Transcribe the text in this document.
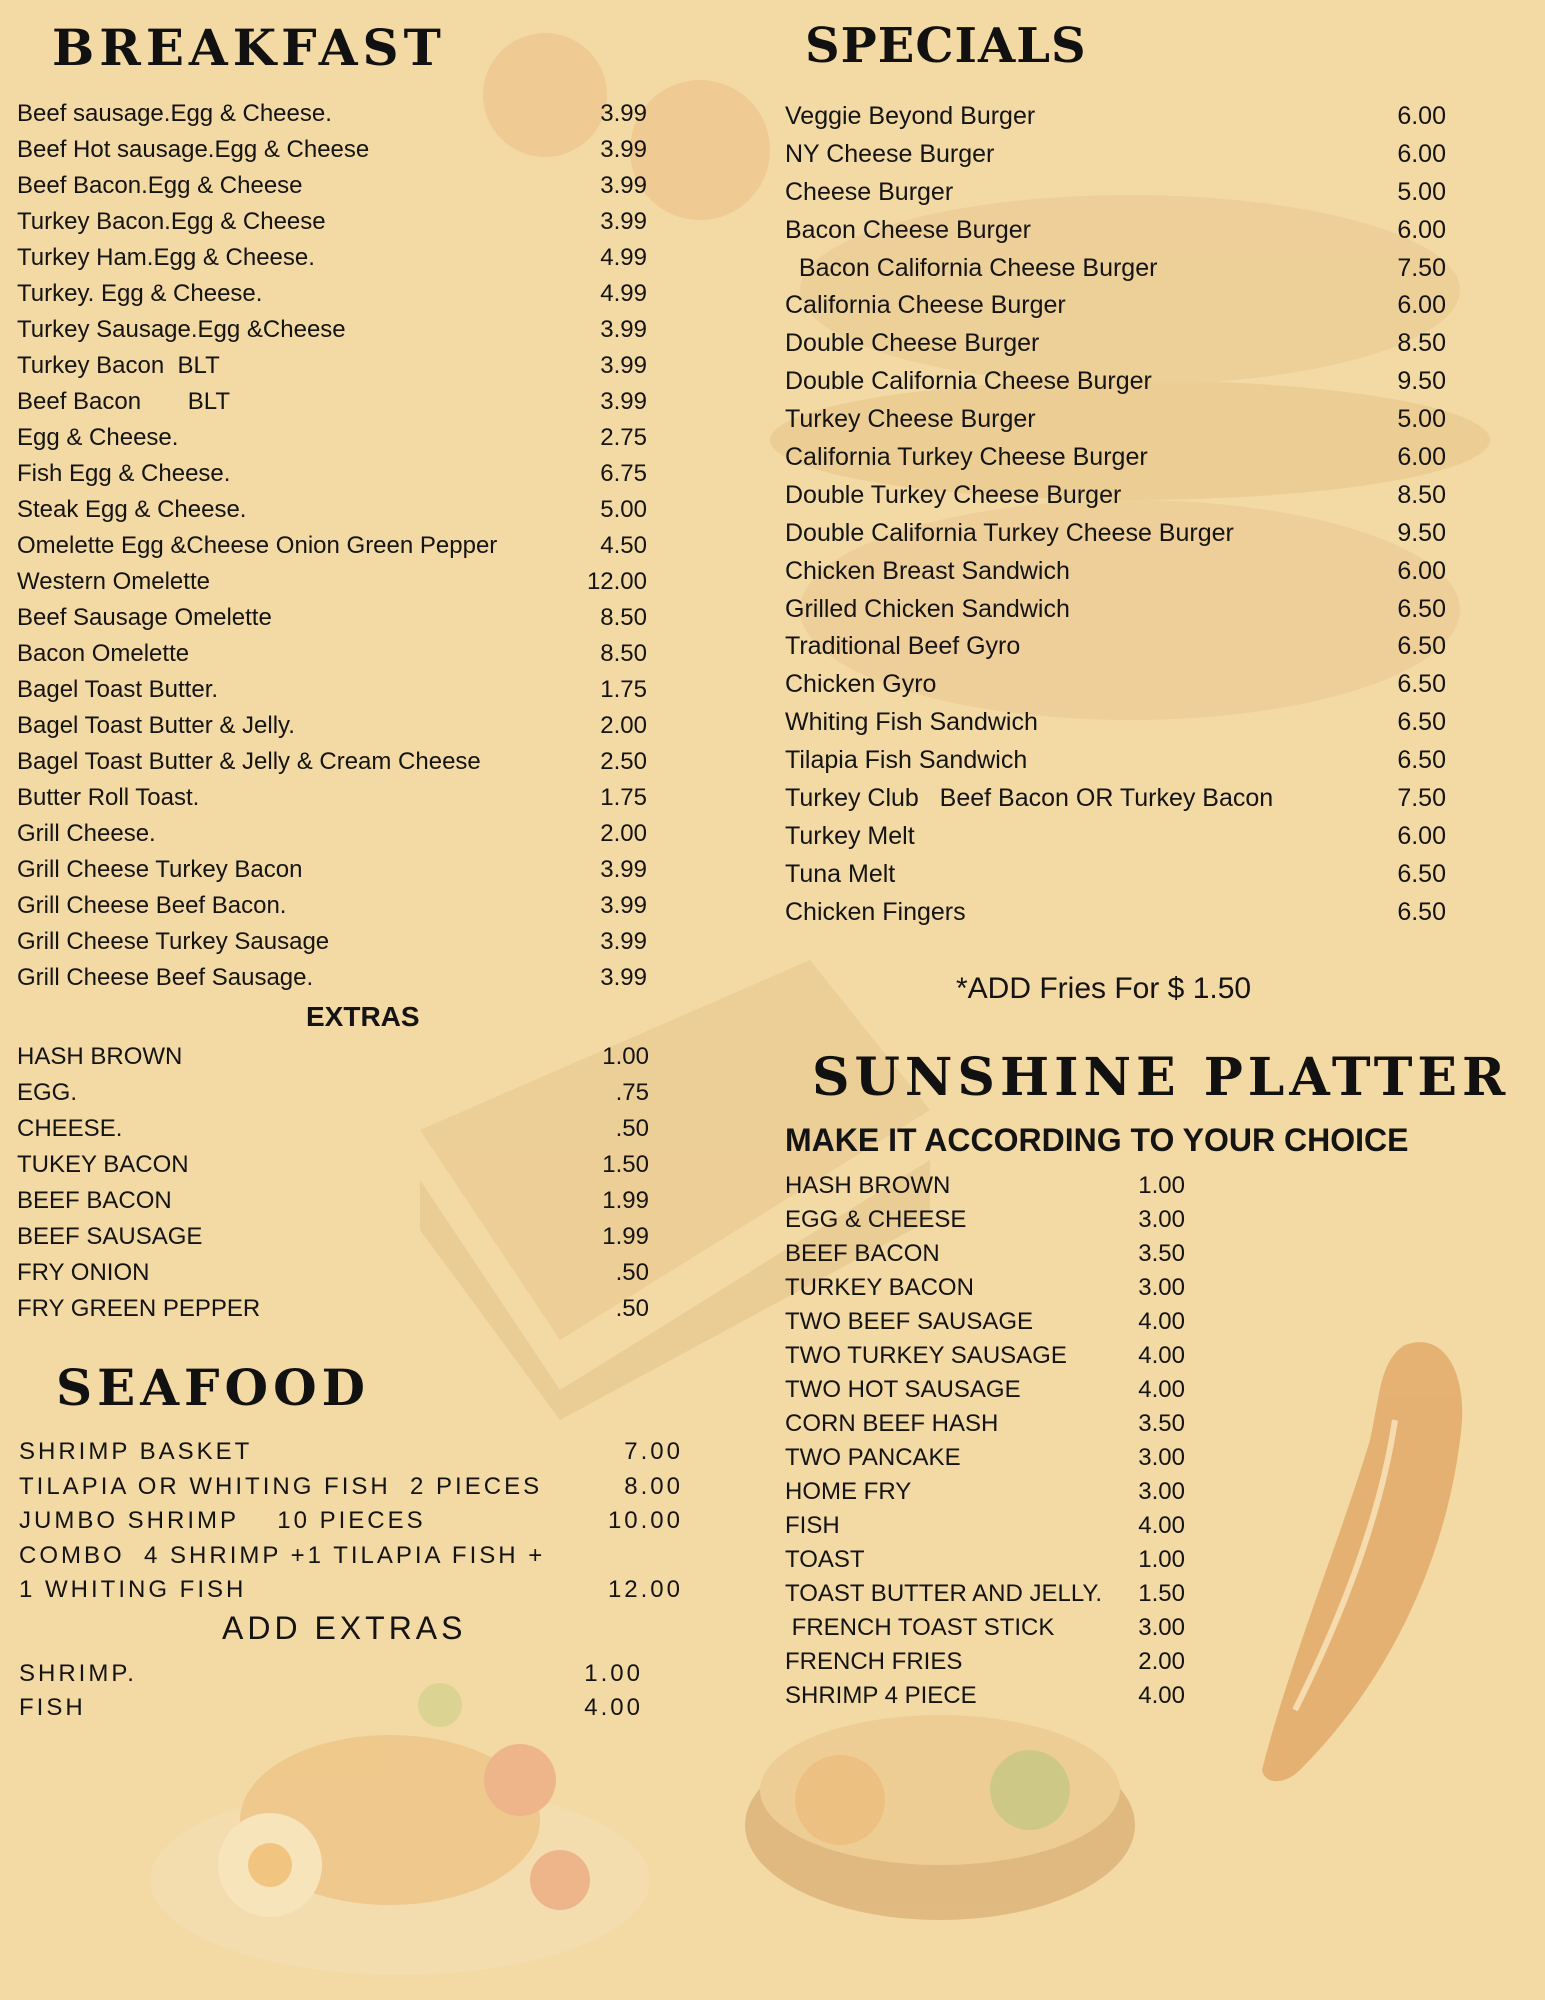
BREAKFAST
Beef sausage.Egg & Cheese.	3.99
Beef Hot sausage.Egg & Cheese	3.99
Beef Bacon.Egg & Cheese	3.99
Turkey Bacon.Egg & Cheese	3.99
Turkey Ham.Egg & Cheese.	4.99
Turkey. Egg & Cheese.	4.99
Turkey Sausage.Egg &Cheese	3.99
Turkey Bacon  BLT	3.99
Beef Bacon       BLT	3.99
Egg & Cheese.	2.75
Fish Egg & Cheese.	6.75
Steak Egg & Cheese.	5.00
Omelette Egg &Cheese Onion Green Pepper	4.50
Western Omelette	12.00
Beef Sausage Omelette	8.50
Bacon Omelette	8.50
Bagel Toast Butter.	1.75
Bagel Toast Butter & Jelly.	2.00
Bagel Toast Butter & Jelly & Cream Cheese	2.50
Butter Roll Toast.	1.75
Grill Cheese.	2.00
Grill Cheese Turkey Bacon	3.99
Grill Cheese Beef Bacon.	3.99
Grill Cheese Turkey Sausage	3.99
Grill Cheese Beef Sausage.	3.99
EXTRAS
HASH BROWN	1.00
EGG.	.75
CHEESE.	.50
TUKEY BACON	1.50
BEEF BACON	1.99
BEEF SAUSAGE	1.99
FRY ONION	.50
FRY GREEN PEPPER	.50
SEAFOOD
SHRIMP BASKET	7.00
TILAPIA OR WHITING FISH  2 PIECES	8.00
JUMBO SHRIMP    10 PIECES	10.00
COMBO  4 SHRIMP +1 TILAPIA FISH +
1 WHITING FISH	12.00
ADD EXTRAS
SHRIMP.	1.00
FISH	4.00
SPECIALS
Veggie Beyond Burger	6.00
NY Cheese Burger	6.00
Cheese Burger	5.00
Bacon Cheese Burger	6.00
Bacon California Cheese Burger	7.50
California Cheese Burger	6.00
Double Cheese Burger	8.50
Double California Cheese Burger	9.50
Turkey Cheese Burger	5.00
California Turkey Cheese Burger	6.00
Double Turkey Cheese Burger	8.50
Double California Turkey Cheese Burger	9.50
Chicken Breast Sandwich	6.00
Grilled Chicken Sandwich	6.50
Traditional Beef Gyro	6.50
Chicken Gyro	6.50
Whiting Fish Sandwich	6.50
Tilapia Fish Sandwich	6.50
Turkey Club   Beef Bacon OR Turkey Bacon	7.50
Turkey Melt	6.00
Tuna Melt	6.50
Chicken Fingers	6.50
*ADD Fries For $ 1.50
SUNSHINE PLATTER
MAKE IT ACCORDING TO YOUR CHOICE
HASH BROWN	1.00
EGG & CHEESE	3.00
BEEF BACON	3.50
TURKEY BACON	3.00
TWO BEEF SAUSAGE	4.00
TWO TURKEY SAUSAGE	4.00
TWO HOT SAUSAGE	4.00
CORN BEEF HASH	3.50
TWO PANCAKE	3.00
HOME FRY	3.00
FISH	4.00
TOAST	1.00
TOAST BUTTER AND JELLY. 1.50
FRENCH TOAST STICK	3.00
FRENCH FRIES	2.00
SHRIMP 4 PIECE	4.00
